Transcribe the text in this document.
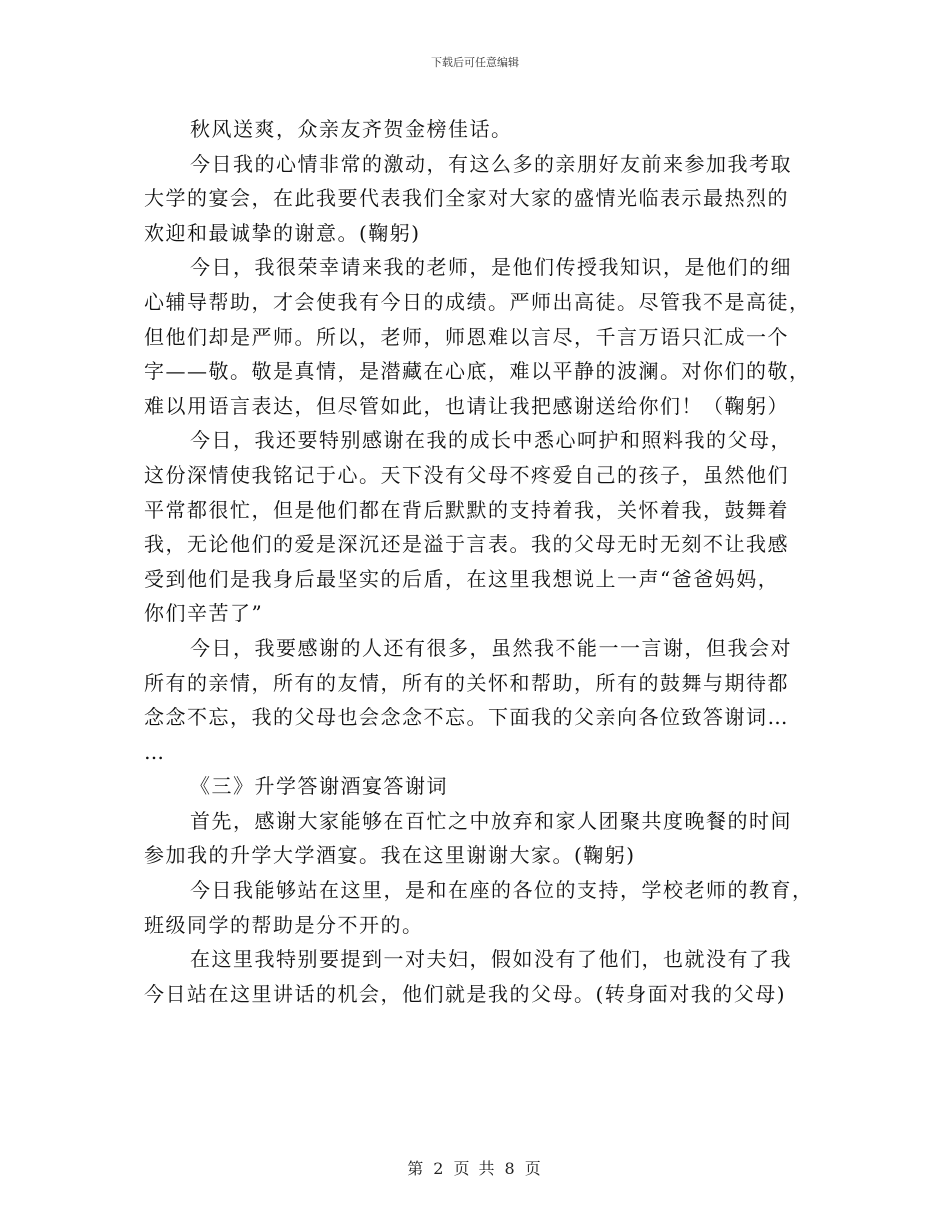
下载后可任意编辑
秋风送爽，众亲友齐贺金榜佳话。
今日我的心情非常的激动，有这么多的亲朋好友前来参加我考取
大学的宴会，在此我要代表我们全家对大家的盛情光临表示最热烈的
欢迎和最诚挚的谢意。(鞠躬)
今日，我很荣幸请来我的老师，是他们传授我知识，是他们的细
心辅导帮助，才会使我有今日的成绩。严师出高徒。尽管我不是高徒，
但他们却是严师。所以，老师，师恩难以言尽，千言万语只汇成一个
字——敬。敬是真情，是潜藏在心底，难以平静的波澜。对你们的敬，
难以用语言表达，但尽管如此，也请让我把感谢送给你们！（鞠躬）
今日，我还要特别感谢在我的成长中悉心呵护和照料我的父母，
这份深情使我铭记于心。天下没有父母不疼爱自己的孩子，虽然他们
平常都很忙，但是他们都在背后默默的支持着我，关怀着我，鼓舞着
我，无论他们的爱是深沉还是溢于言表。我的父母无时无刻不让我感
受到他们是我身后最坚实的后盾，在这里我想说上一声“爸爸妈妈，
你们辛苦了”
今日，我要感谢的人还有很多，虽然我不能一一言谢，但我会对
所有的亲情，所有的友情，所有的关怀和帮助，所有的鼓舞与期待都
念念不忘，我的父母也会念念不忘。下面我的父亲向各位致答谢词…
…
《三》升学答谢酒宴答谢词
首先，感谢大家能够在百忙之中放弃和家人团聚共度晚餐的时间
参加我的升学大学酒宴。我在这里谢谢大家。(鞠躬)
今日我能够站在这里，是和在座的各位的支持，学校老师的教育，
班级同学的帮助是分不开的。
在这里我特别要提到一对夫妇，假如没有了他们，也就没有了我
今日站在这里讲话的机会，他们就是我的父母。(转身面对我的父母)
第 2 页 共 8 页
